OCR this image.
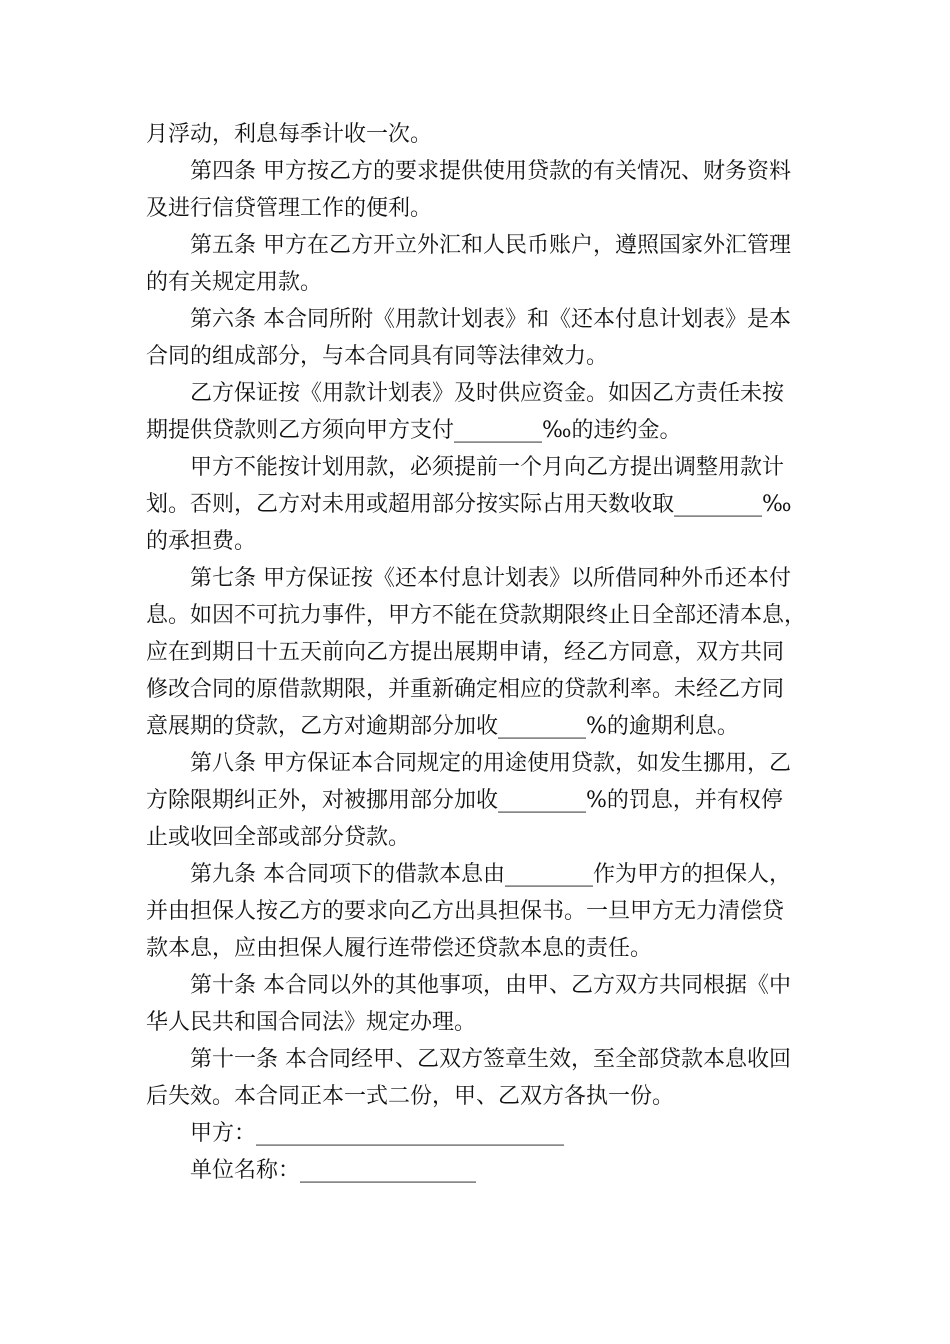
月浮动，利息每季计收一次。
第四条 甲方按乙方的要求提供使用贷款的有关情况、财务资料
及进行信贷管理工作的便利。
第五条 甲方在乙方开立外汇和人民币账户，遵照国家外汇管理
的有关规定用款。
第六条 本合同所附《用款计划表》和《还本付息计划表》是本
合同的组成部分，与本合同具有同等法律效力。
乙方保证按《用款计划表》及时供应资金。如因乙方责任未按
期提供贷款则乙方须向甲方支付________‰的违约金。
甲方不能按计划用款，必须提前一个月向乙方提出调整用款计
划。否则，乙方对未用或超用部分按实际占用天数收取________‰
的承担费。
第七条 甲方保证按《还本付息计划表》以所借同种外币还本付
息。如因不可抗力事件，甲方不能在贷款期限终止日全部还清本息，
应在到期日十五天前向乙方提出展期申请，经乙方同意，双方共同
修改合同的原借款期限，并重新确定相应的贷款利率。未经乙方同
意展期的贷款，乙方对逾期部分加收________%的逾期利息。
第八条 甲方保证本合同规定的用途使用贷款，如发生挪用，乙
方除限期纠正外，对被挪用部分加收________%的罚息，并有权停
止或收回全部或部分贷款。
第九条 本合同项下的借款本息由________作为甲方的担保人，
并由担保人按乙方的要求向乙方出具担保书。一旦甲方无力清偿贷
款本息，应由担保人履行连带偿还贷款本息的责任。
第十条 本合同以外的其他事项，由甲、乙方双方共同根据《中
华人民共和国合同法》规定办理。
第十一条 本合同经甲、乙双方签章生效，至全部贷款本息收回
后失效。本合同正本一式二份，甲、乙双方各执一份。
甲方：____________________________
单位名称：________________
